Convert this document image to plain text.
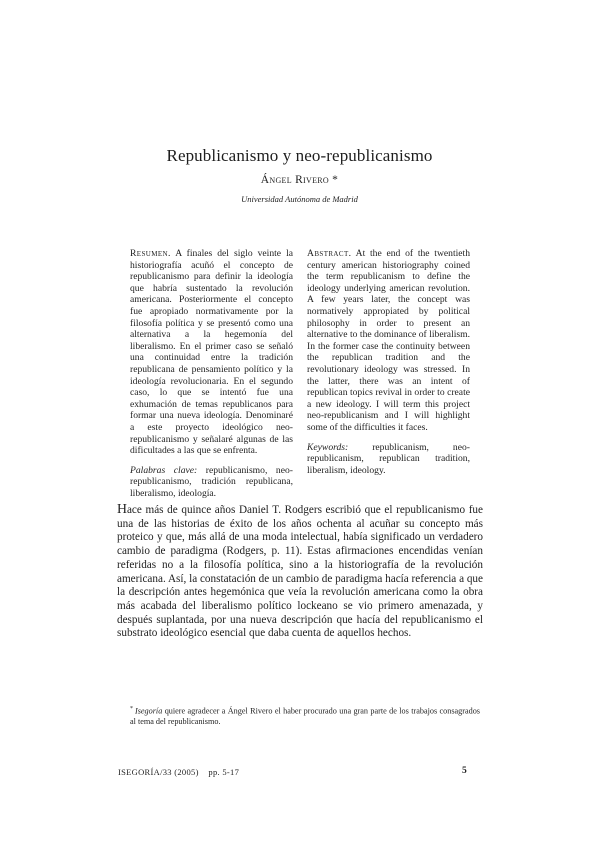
Republicanismo y neo-republicanismo
Ángel Rivero *
Universidad Autónoma de Madrid
Resumen. A finales del siglo veinte la historiografía acuñó el concepto de republicanismo para definir la ideología que habría sustentado la revolución americana. Posteriormente el concepto fue apropiado normativamente por la filosofía política y se presentó como una alternativa a la hegemonía del liberalismo. En el primer caso se señaló una continuidad entre la tradición republicana de pensamiento político y la ideología revolucionaria. En el segundo caso, lo que se intentó fue una exhumación de temas republicanos para formar una nueva ideología. Denominaré a este proyecto ideológico neo-republicanismo y señalaré algunas de las dificultades a las que se enfrenta.
Palabras clave: republicanismo, neo-republicanismo, tradición republicana, liberalismo, ideología.
Abstract. At the end of the twentieth century american historiography coined the term republicanism to define the ideology underlying american revolution. A few years later, the concept was normatively appropiated by political philosophy in order to present an alternative to the dominance of liberalism. In the former case the continuity between the republican tradition and the revolutionary ideology was stressed. In the latter, there was an intent of republican topics revival in order to create a new ideology. I will term this project neo-republicanism and I will highlight some of the difficulties it faces.
Keywords: republicanism, neo-republicanism, republican tradition, liberalism, ideology.
Hace más de quince años Daniel T. Rodgers escribió que el republicanismo fue una de las historias de éxito de los años ochenta al acuñar su concepto más proteico y que, más allá de una moda intelectual, había significado un verdadero cambio de paradigma (Rodgers, p. 11). Estas afirmaciones encendidas venían referidas no a la filosofía política, sino a la historiografía de la revolución americana. Así, la constatación de un cambio de paradigma hacía referencia a que la descripción antes hegemónica que veía la revolución americana como la obra más acabada del liberalismo político lockeano se vio primero amenazada, y después suplantada, por una nueva descripción que hacía del republicanismo el substrato ideológico esencial que daba cuenta de aquellos hechos.
* Isegoría quiere agradecer a Ángel Rivero el haber procurado una gran parte de los trabajos consagrados al tema del republicanismo.
ISEGORÍA/33 (2005) pp. 5-17	5
